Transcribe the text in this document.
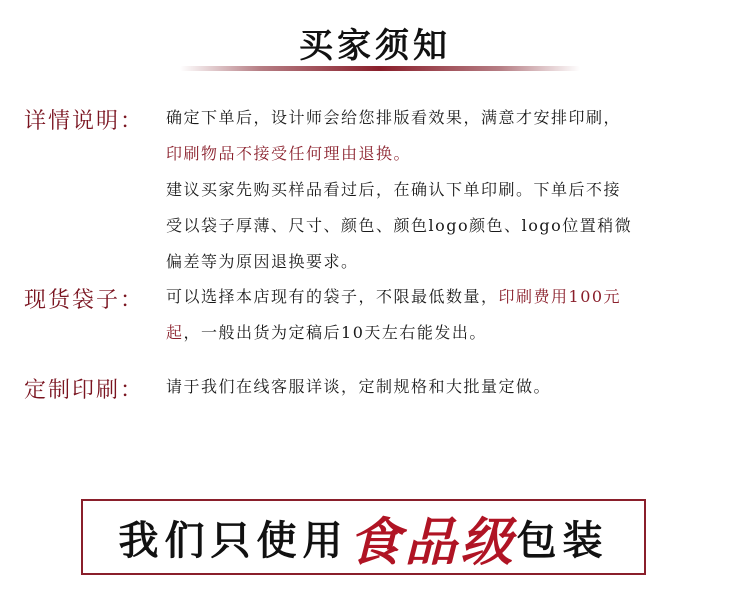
买家须知
详情说明： 确定下单后，设计师会给您排版看效果，满意才安排印刷，
印刷物品不接受任何理由退换。
建议买家先购买样品看过后，在确认下单印刷。下单后不接
受以袋子厚薄、尺寸、颜色、颜色logo颜色、logo位置稍微
偏差等为原因退换要求。
现货袋子： 可以选择本店现有的袋子，不限最低数量，印刷费用100元
起，一般出货为定稿后10天左右能发出。
定制印刷： 请于我们在线客服详谈，定制规格和大批量定做。
我们只使用 食品级 包装
